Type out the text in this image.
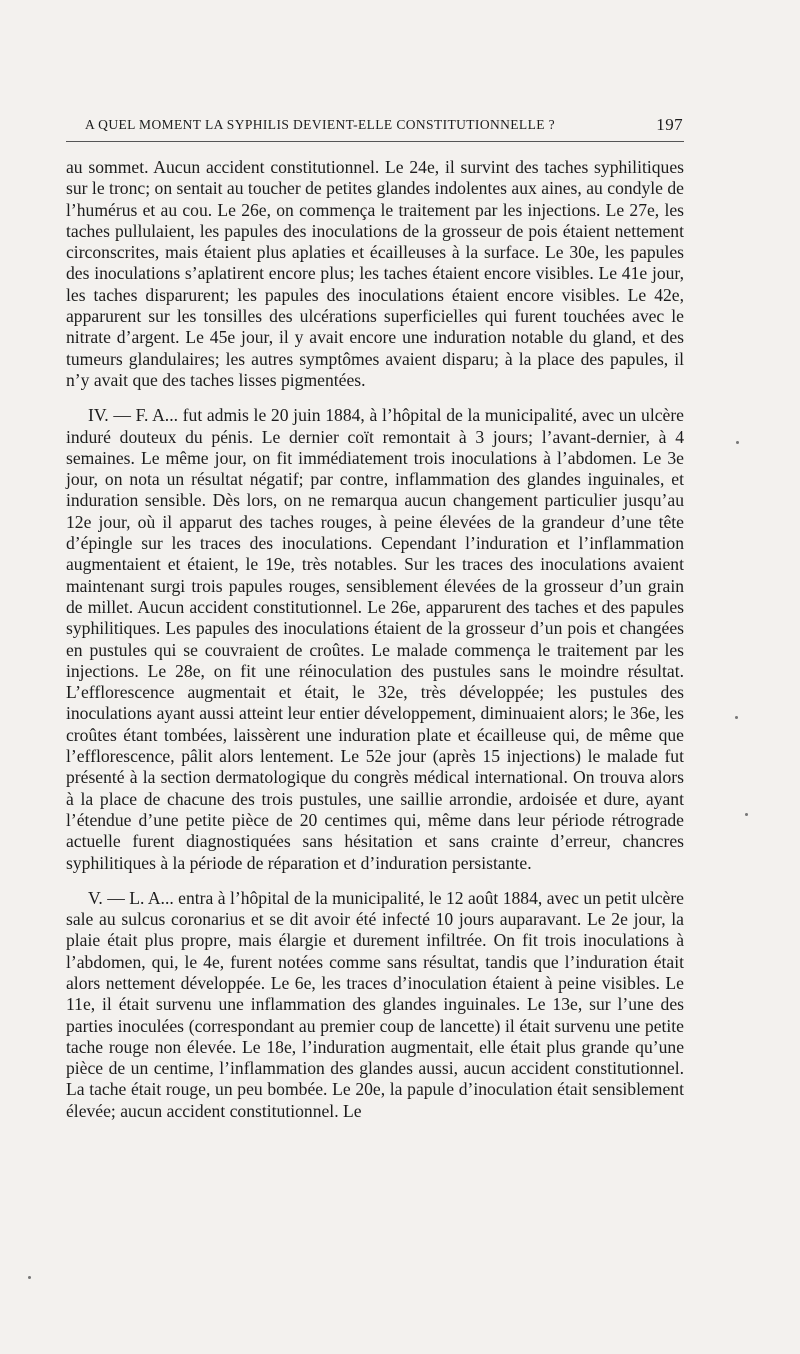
A QUEL MOMENT LA SYPHILIS DEVIENT-ELLE CONSTITUTIONNELLE ?	197

au sommet. Aucun accident constitutionnel. Le 24e, il survint des taches syphilitiques sur le tronc; on sentait au toucher de petites glandes indolentes aux aines, au condyle de l’humérus et au cou. Le 26e, on commença le traitement par les injections. Le 27e, les taches pullulaient, les papules des inoculations de la grosseur de pois étaient nettement circonscrites, mais étaient plus aplaties et écailleuses à la surface. Le 30e, les papules des inoculations s’aplatirent encore plus; les taches étaient encore visibles. Le 41e jour, les taches disparurent; les papules des inoculations étaient encore visibles. Le 42e, apparurent sur les tonsilles des ulcérations superficielles qui furent touchées avec le nitrate d’argent. Le 45e jour, il y avait encore une induration notable du gland, et des tumeurs glandulaires; les autres symptômes avaient disparu; à la place des papules, il n’y avait que des taches lisses pigmentées.

IV. — F. A... fut admis le 20 juin 1884, à l’hôpital de la municipalité, avec un ulcère induré douteux du pénis. Le dernier coït remontait à 3 jours; l’avant-dernier, à 4 semaines. Le même jour, on fit immédiatement trois inoculations à l’abdomen. Le 3e jour, on nota un résultat négatif; par contre, inflammation des glandes inguinales, et induration sensible. Dès lors, on ne remarqua aucun changement particulier jusqu’au 12e jour, où il apparut des taches rouges, à peine élevées de la grandeur d’une tête d’épingle sur les traces des inoculations. Cependant l’induration et l’inflammation augmentaient et étaient, le 19e, très notables. Sur les traces des inoculations avaient maintenant surgi trois papules rouges, sensiblement élevées de la grosseur d’un grain de millet. Aucun accident constitutionnel. Le 26e, apparurent des taches et des papules syphilitiques. Les papules des inoculations étaient de la grosseur d’un pois et changées en pustules qui se couvraient de croûtes. Le malade commença le traitement par les injections. Le 28e, on fit une réinoculation des pustules sans le moindre résultat. L’efflorescence augmentait et était, le 32e, très développée; les pustules des inoculations ayant aussi atteint leur entier développement, diminuaient alors; le 36e, les croûtes étant tombées, laissèrent une induration plate et écailleuse qui, de même que l’efflorescence, pâlit alors lentement. Le 52e jour (après 15 injections) le malade fut présenté à la section dermatologique du congrès médical international. On trouva alors à la place de chacune des trois pustules, une saillie arrondie, ardoisée et dure, ayant l’étendue d’une petite pièce de 20 centimes qui, même dans leur période rétrograde actuelle furent diagnostiquées sans hésitation et sans crainte d’erreur, chancres syphilitiques à la période de réparation et d’induration persistante.

V. — L. A... entra à l’hôpital de la municipalité, le 12 août 1884, avec un petit ulcère sale au sulcus coronarius et se dit avoir été infecté 10 jours auparavant. Le 2e jour, la plaie était plus propre, mais élargie et durement infiltrée. On fit trois inoculations à l’abdomen, qui, le 4e, furent notées comme sans résultat, tandis que l’induration était alors nettement développée. Le 6e, les traces d’inoculation étaient à peine visibles. Le 11e, il était survenu une inflammation des glandes inguinales. Le 13e, sur l’une des parties inoculées (correspondant au premier coup de lancette) il était survenu une petite tache rouge non élevée. Le 18e, l’induration augmentait, elle était plus grande qu’une pièce de un centime, l’inflammation des glandes aussi, aucun accident constitutionnel. La tache était rouge, un peu bombée. Le 20e, la papule d’inoculation était sensiblement élevée; aucun accident constitutionnel. Le
